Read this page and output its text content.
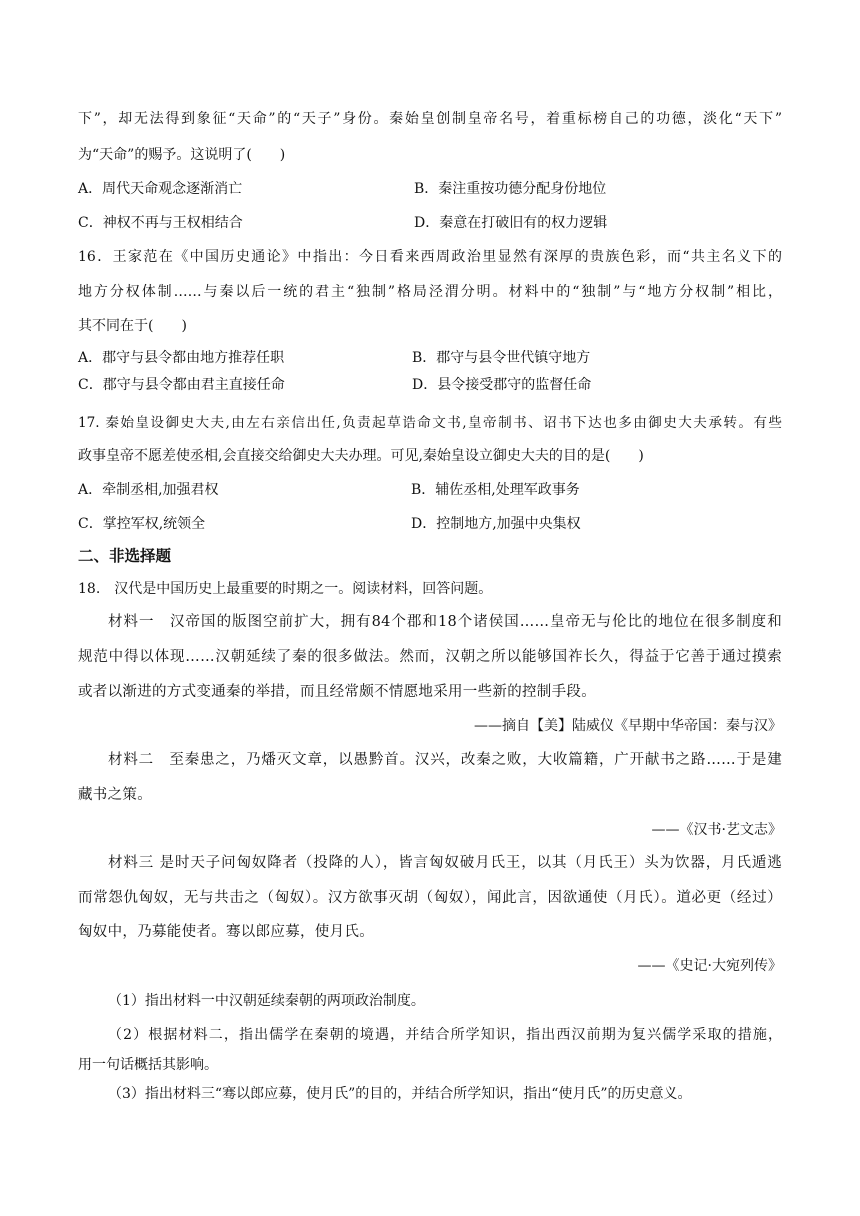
下”，却无法得到象征“天命”的“天子”身份。秦始皇创制皇帝名号，着重标榜自己的功德，淡化“天下”
为“天命”的赐予。这说明了(　　)
A．周代天命观念逐渐消亡	B．秦注重按功德分配身份地位
C．神权不再与王权相结合	D．秦意在打破旧有的权力逻辑
16．王家范在《中国历史通论》中指出：今日看来西周政治里显然有深厚的贵族色彩，而“共主名义下的
地方分权体制……与秦以后一统的君主“独制”格局泾渭分明。材料中的“独制”与“地方分权制”相比，
其不同在于(　　)
A．郡守与县令都由地方推荐任职	B．郡守与县令世代镇守地方
C．郡守与县令都由君主直接任命	D．县令接受郡守的监督任命
17. 秦始皇设御史大夫,由左右亲信出任,负责起草诰命文书,皇帝制书、诏书下达也多由御史大夫承转。有些
政事皇帝不愿差使丞相,会直接交给御史大夫办理。可见,秦始皇设立御史大夫的目的是(　　)
A．牵制丞相,加强君权	B．辅佐丞相,处理军政事务
C．掌控军权,统领全	D．控制地方,加强中央集权
二、非选择题
18.　汉代是中国历史上最重要的时期之一。阅读材料，回答问题。
材料一　汉帝国的版图空前扩大，拥有84个郡和18个诸侯国……皇帝无与伦比的地位在很多制度和
规范中得以体现……汉朝延续了秦的很多做法。然而，汉朝之所以能够国祚长久，得益于它善于通过摸索
或者以渐进的方式变通秦的举措，而且经常颇不情愿地采用一些新的控制手段。
——摘自【美】陆威仪《早期中华帝国：秦与汉》
材料二　至秦患之，乃燔灭文章，以愚黔首。汉兴，改秦之败，大收篇籍，广开献书之路……于是建
藏书之策。
——《汉书·艺文志》
材料三 是时天子问匈奴降者（投降的人），皆言匈奴破月氏王，以其（月氏王）头为饮器，月氏遁逃
而常怨仇匈奴，无与共击之（匈奴）。汉方欲事灭胡（匈奴），闻此言，因欲通使（月氏）。道必更（经过）
匈奴中，乃募能使者。骞以郎应募，使月氏。
——《史记·大宛列传》
（1）指出材料一中汉朝延续秦朝的两项政治制度。
（2）根据材料二，指出儒学在秦朝的境遇，并结合所学知识，指出西汉前期为复兴儒学采取的措施，
用一句话概括其影响。
（3）指出材料三“骞以郎应募，使月氏”的目的，并结合所学知识，指出“使月氏”的历史意义。
